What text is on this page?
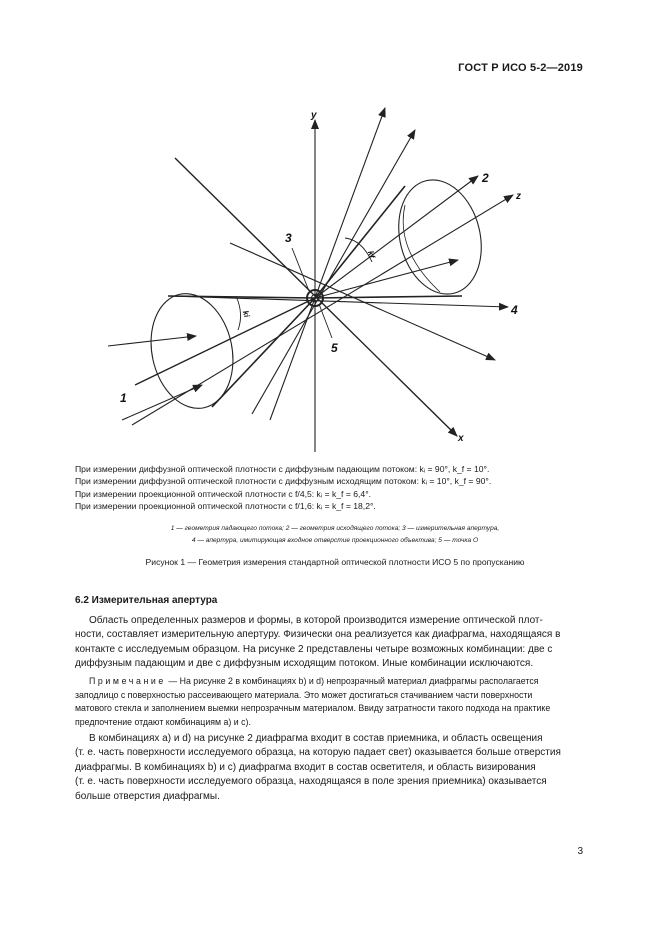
ГОСТ Р ИСО 5-2—2019
y
z
x
1
2
3
4
5
ki
kf
При измерении диффузной оптической плотности с диффузным падающим потоком: kᵢ = 90°, k_f = 10°.
При измерении диффузной оптической плотности с диффузным исходящим потоком: kᵢ = 10°, k_f = 90°.
При измерении проекционной оптической плотности с f/4,5: kᵢ = k_f = 6,4°.
При измерении проекционной оптической плотности с f/1,6: kᵢ = k_f = 18,2°.
1 — геометрия падающего потока; 2 — геометрия исходящего потока; 3 — измерительная апертура,
4 — апертура, имитирующая входное отверстие проекционного объектива; 5 — точка O
Рисунок 1 — Геометрия измерения стандартной оптической плотности ИСО 5 по пропусканию
6.2 Измерительная апертура
Область определенных размеров и формы, в которой производится измерение оптической плот-
ности, составляет измерительную апертуру. Физически она реализуется как диафрагма, находящаяся в
контакте с исследуемым образцом. На рисунке 2 представлены четыре возможных комбинации: две с
диффузным падающим и две с диффузным исходящим потоком. Иные комбинации исключаются.
Примечание — На рисунке 2 в комбинациях b) и d) непрозрачный материал диафрагмы располагается
заподлицо с поверхностью рассеивающего материала. Это может достигаться стачиванием части поверхности
матового стекла и заполнением выемки непрозрачным материалом. Ввиду затратности такого подхода на практике
предпочтение отдают комбинациям a) и c).
В комбинациях a) и d) на рисунке 2 диафрагма входит в состав приемника, и область освещения
(т. е. часть поверхности исследуемого образца, на которую падает свет) оказывается больше отверстия
диафрагмы. В комбинациях b) и c) диафрагма входит в состав осветителя, и область визирования
(т. е. часть поверхности исследуемого образца, находящаяся в поле зрения приемника) оказывается
больше отверстия диафрагмы.
3
